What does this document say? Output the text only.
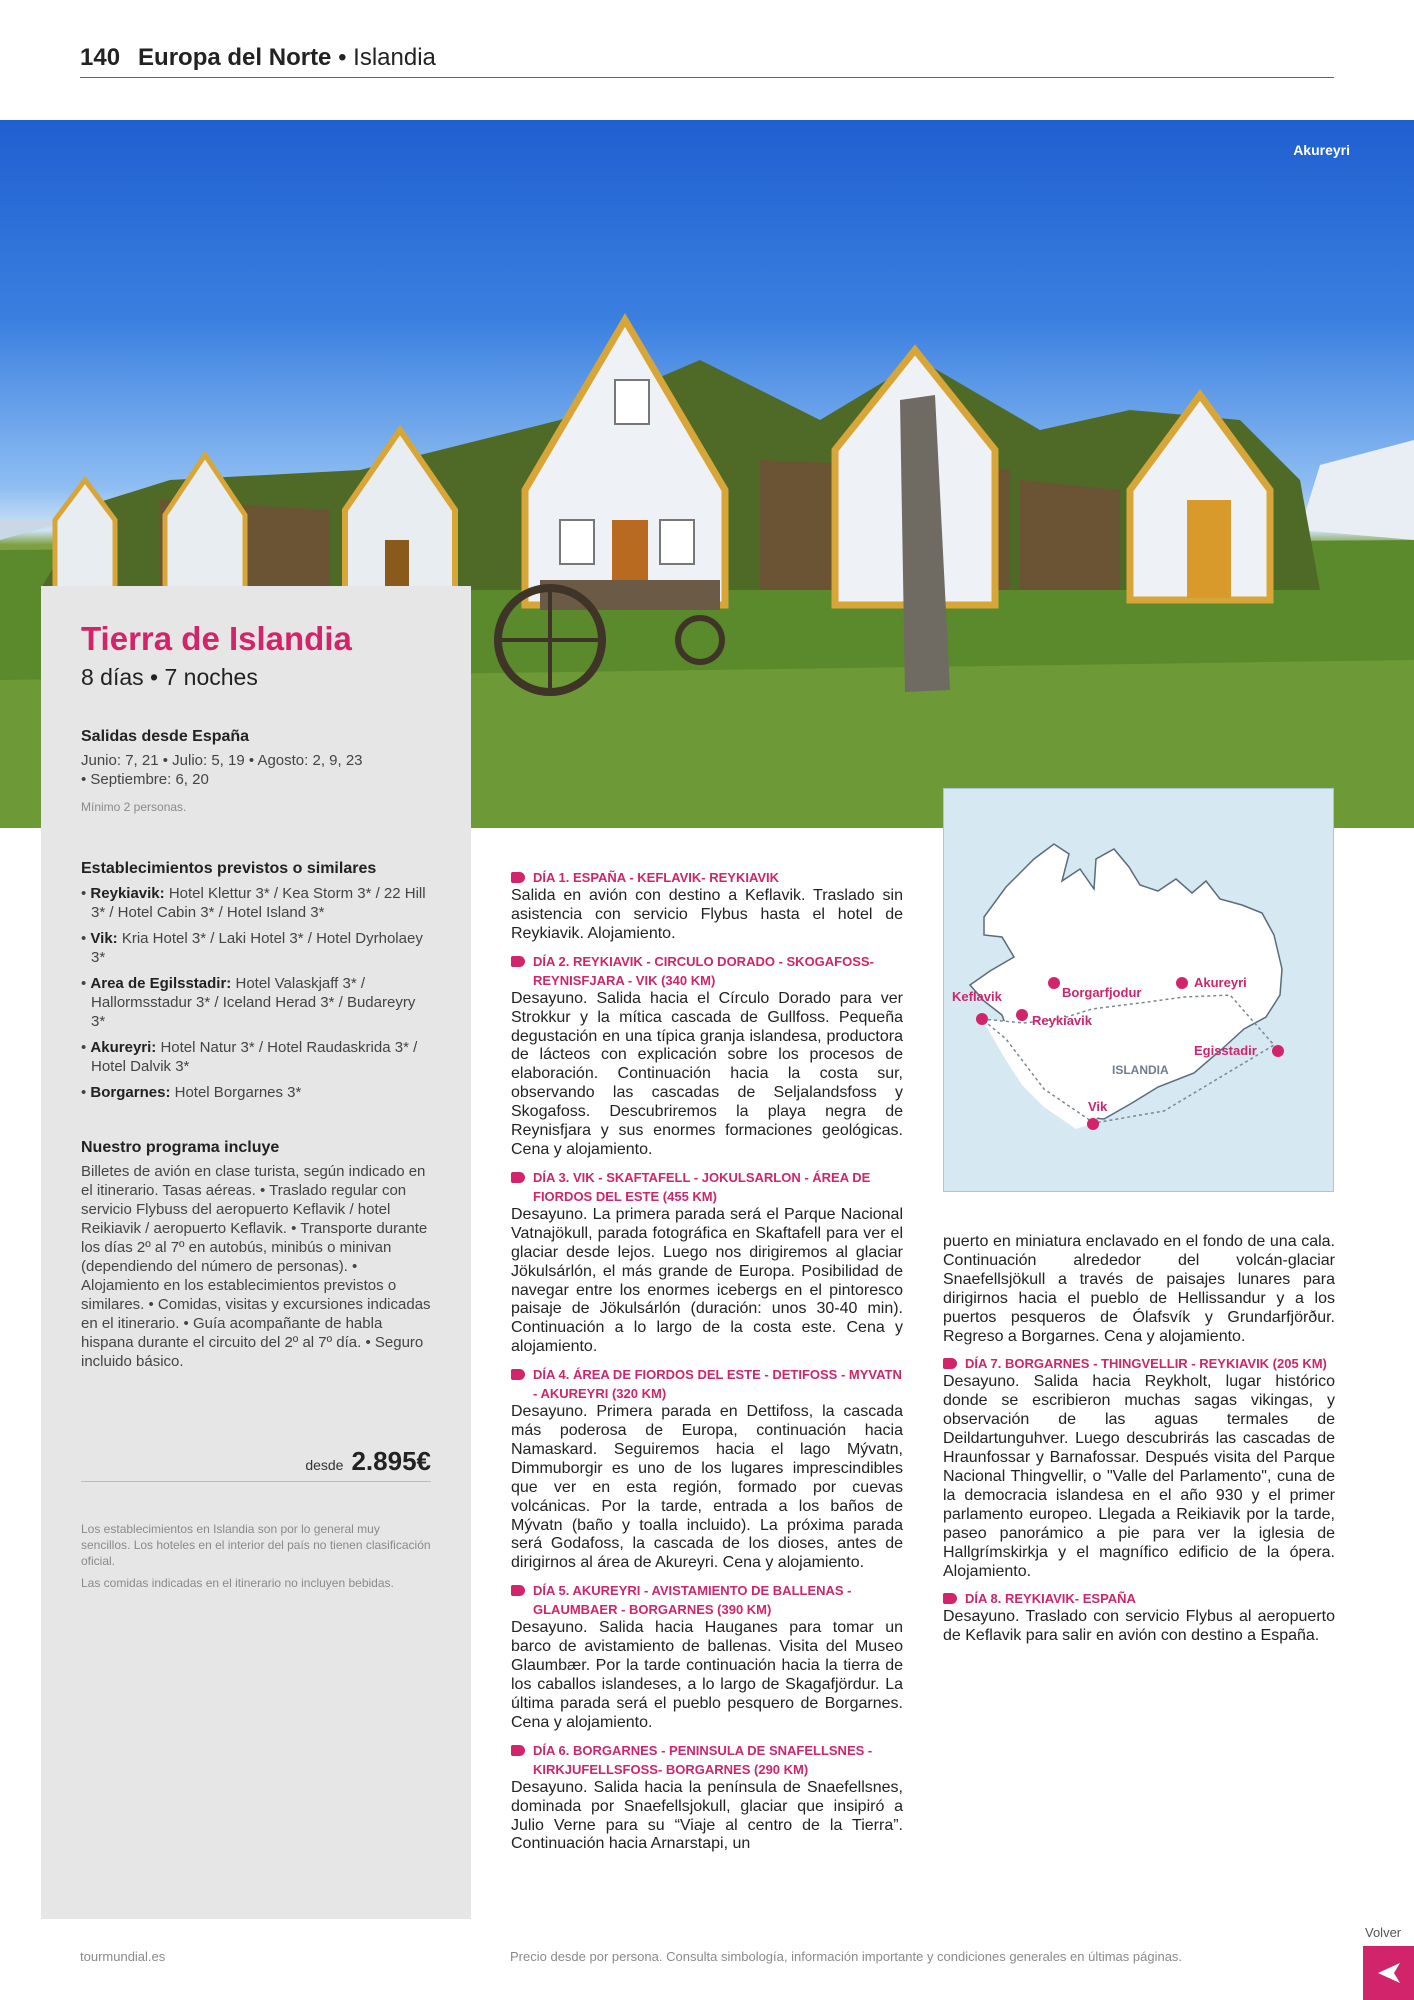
140 Europa del Norte • Islandia
Akureyri
Tierra de Islandia
8 días • 7 noches
Salidas desde España
Junio: 7, 21 • Julio: 5, 19 • Agosto: 2, 9, 23
• Septiembre: 6, 20
Mínimo 2 personas.
Establecimientos previstos o similares
• Reykiavik: Hotel Klettur 3* / Kea Storm 3* / 22 Hill 3* / Hotel Cabin 3* / Hotel Island 3*
• Vik: Kria Hotel 3* / Laki Hotel 3* / Hotel Dyrholaey 3*
• Area de Egilsstadir: Hotel Valaskjaff 3* / Hallormsstadur 3* / Iceland Herad 3* / Budareyry 3*
• Akureyri: Hotel Natur 3* / Hotel Raudaskrida 3* / Hotel Dalvik 3*
• Borgarnes: Hotel Borgarnes 3*
Nuestro programa incluye
Billetes de avión en clase turista, según indicado en el itinerario. Tasas aéreas. • Traslado regular con servicio Flybuss del aeropuerto Keflavik / hotel Reikiavik / aeropuerto Keflavik. • Transporte durante los días 2º al 7º en autobús, minibús o minivan (dependiendo del número de personas). • Alojamiento en los establecimientos previstos o similares. • Comidas, visitas y excursiones indicadas en el itinerario. • Guía acompañante de habla hispana durante el circuito del 2º al 7º día. • Seguro incluido básico.
desde 2.895€
Los establecimientos en Islandia son por lo general muy sencillos. Los hoteles en el interior del país no tienen clasificación oficial.
Las comidas indicadas en el itinerario no incluyen bebidas.
DÍA 1. ESPAÑA - KEFLAVIK- REYKIAVIK

Salida en avión con destino a Keflavik. Traslado sin asistencia con servicio Flybus hasta el hotel de Reykiavik. Alojamiento.

DÍA 2. REYKIAVIK - CIRCULO DORADO - SKOGAFOSS-REYNISFJARA - VIK (340 KM)

Desayuno. Salida hacia el Círculo Dorado para ver Strokkur y la mítica cascada de Gullfoss. Pequeña degustación en una típica granja islandesa, productora de lácteos con explicación sobre los procesos de elaboración. Continuación hacia la costa sur, observando las cascadas de Seljalandsfoss y Skogafoss. Descubriremos la playa negra de Reynisfjara y sus enormes formaciones geológicas. Cena y alojamiento.

DÍA 3. VIK - SKAFTAFELL - JOKULSARLON - ÁREA DE FIORDOS DEL ESTE (455 KM)

Desayuno. La primera parada será el Parque Nacional Vatnajökull, parada fotográfica en Skaftafell para ver el glaciar desde lejos. Luego nos dirigiremos al glaciar Jökulsárlón, el más grande de Europa. Posibilidad de navegar entre los enormes icebergs en el pintoresco paisaje de Jökulsárlón (duración: unos 30-40 min). Continuación a lo largo de la costa este. Cena y alojamiento.

DÍA 4. ÁREA DE FIORDOS DEL ESTE - DETIFOSS - MYVATN - AKUREYRI (320 KM)

Desayuno. Primera parada en Dettifoss, la cascada más poderosa de Europa, continuación hacia Namaskard. Seguiremos hacia el lago Mývatn, Dimmuborgir es uno de los lugares imprescindibles que ver en esta región, formado por cuevas volcánicas. Por la tarde, entrada a los baños de Mývatn (baño y toalla incluido). La próxima parada será Godafoss, la cascada de los dioses, antes de dirigirnos al área de Akureyri. Cena y alojamiento.

DÍA 5. AKUREYRI - AVISTAMIENTO DE BALLENAS - GLAUMBAER - BORGARNES (390 KM)

Desayuno. Salida hacia Hauganes para tomar un barco de avistamiento de ballenas. Visita del Museo Glaumbær. Por la tarde continuación hacia la tierra de los caballos islandeses, a lo largo de Skagafjördur. La última parada será el pueblo pesquero de Borgarnes. Cena y alojamiento.

DÍA 6. BORGARNES - PENINSULA DE SNAFELLSNES - KIRKJUFELLSFOSS- BORGARNES (290 KM)

Desayuno. Salida hacia la península de Snaefellsnes, dominada por Snaefellsjokull, glaciar que insipiró a Julio Verne para su “Viaje al centro de la Tierra”. Continuación hacia Arnarstapi, un

Keflavik	Borgarfjodur
Akureyri
Reykiavik
Egisstadir
Vik
ISLANDIA

puerto en miniatura enclavado en el fondo de una cala. Continuación alrededor del volcán-glaciar Snaefellsjökull a través de paisajes lunares para dirigirnos hacia el pueblo de Hellissandur y a los puertos pesqueros de Ólafsvík y Grundarfjörður. Regreso a Borgarnes. Cena y alojamiento.

DÍA 7. BORGARNES - THINGVELLIR - REYKIAVIK (205 KM)

Desayuno. Salida hacia Reykholt, lugar histórico donde se escribieron muchas sagas vikingas, y observación de las aguas termales de Deildartunguhver. Luego descubrirás las cascadas de Hraunfossar y Barnafossar. Después visita del Parque Nacional Thingvellir, o "Valle del Parlamento", cuna de la democracia islandesa en el año 930 y el primer parlamento europeo. Llegada a Reikiavik por la tarde, paseo panorámico a pie para ver la iglesia de Hallgrímskirkja y el magnífico edificio de la ópera. Alojamiento.

DÍA 8. REYKIAVIK- ESPAÑA

Desayuno. Traslado con servicio Flybus al aeropuerto de Keflavik para salir en avión con destino a España.

tourmundial.es	Precio desde por persona. Consulta simbología, información importante y condiciones generales en últimas páginas.
Volver
